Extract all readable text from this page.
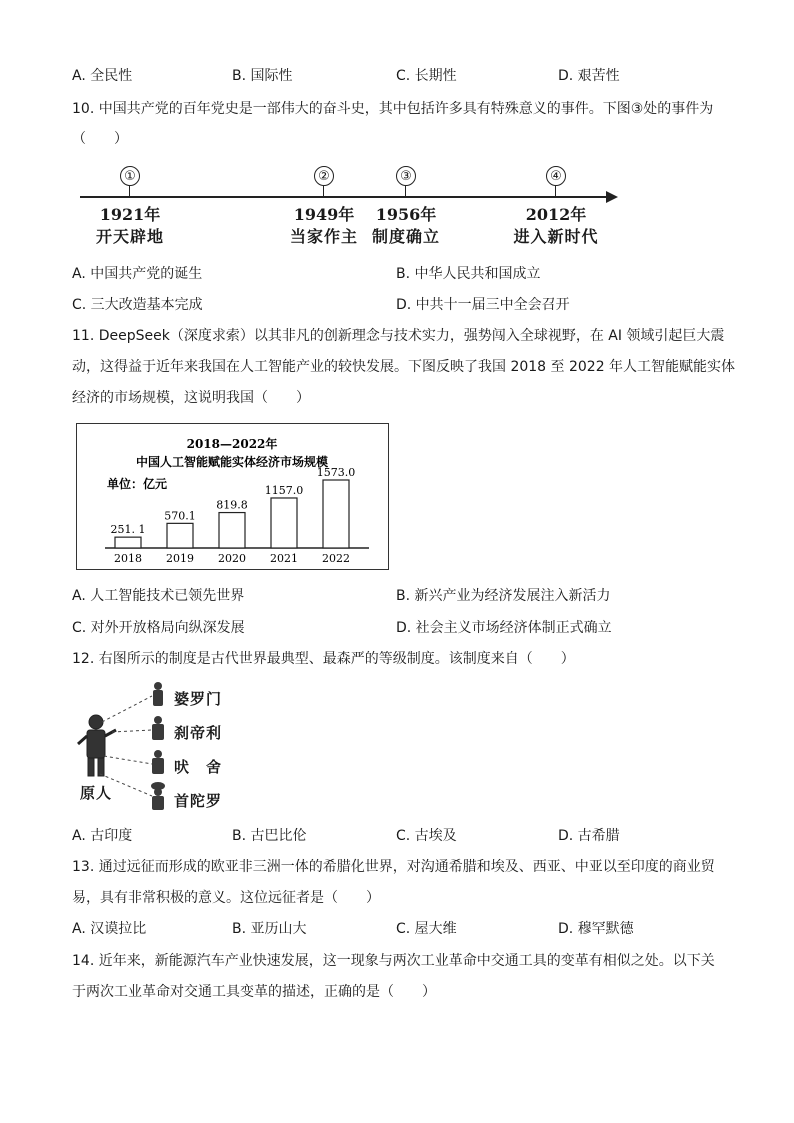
A. 全民性	B. 国际性	C. 长期性	D. 艰苦性
10. 中国共产党的百年党史是一部伟大的奋斗史，其中包括许多具有特殊意义的事件。下图③处的事件为
（　　）
①
1921年
开天辟地
②
1949年
当家作主
③
1956年
制度确立
④
2012年
进入新时代
A. 中国共产党的诞生	B. 中华人民共和国成立
C. 三大改造基本完成	D. 中共十一届三中全会召开
11. DeepSeek（深度求索）以其非凡的创新理念与技术实力，强势闯入全球视野，在 AI 领域引起巨大震
动，这得益于近年来我国在人工智能产业的较快发展。下图反映了我国 2018 至 2022 年人工智能赋能实体
经济的市场规模，这说明我国（　　）
2018—2022年
中国人工智能赋能实体经济市场规模
单位：亿元
251. 1
2018
570.1
2019
819.8
2020
1157.0
2021
1573.0
2022
A. 人工智能技术已领先世界	B. 新兴产业为经济发展注入新活力
C. 对外开放格局向纵深发展	D. 社会主义市场经济体制正式确立
12. 右图所示的制度是古代世界最典型、最森严的等级制度。该制度来自（　　）
婆罗门
刹帝利
吠　舍
首陀罗
原人
A. 古印度	B. 古巴比伦	C. 古埃及	D. 古希腊
13. 通过远征而形成的欧亚非三洲一体的希腊化世界，对沟通希腊和埃及、西亚、中亚以至印度的商业贸
易，具有非常积极的意义。这位远征者是（　　）
A. 汉谟拉比	B. 亚历山大	C. 屋大维	D. 穆罕默德
14. 近年来，新能源汽车产业快速发展，这一现象与两次工业革命中交通工具的变革有相似之处。以下关
于两次工业革命对交通工具变革的描述，正确的是（　　）
